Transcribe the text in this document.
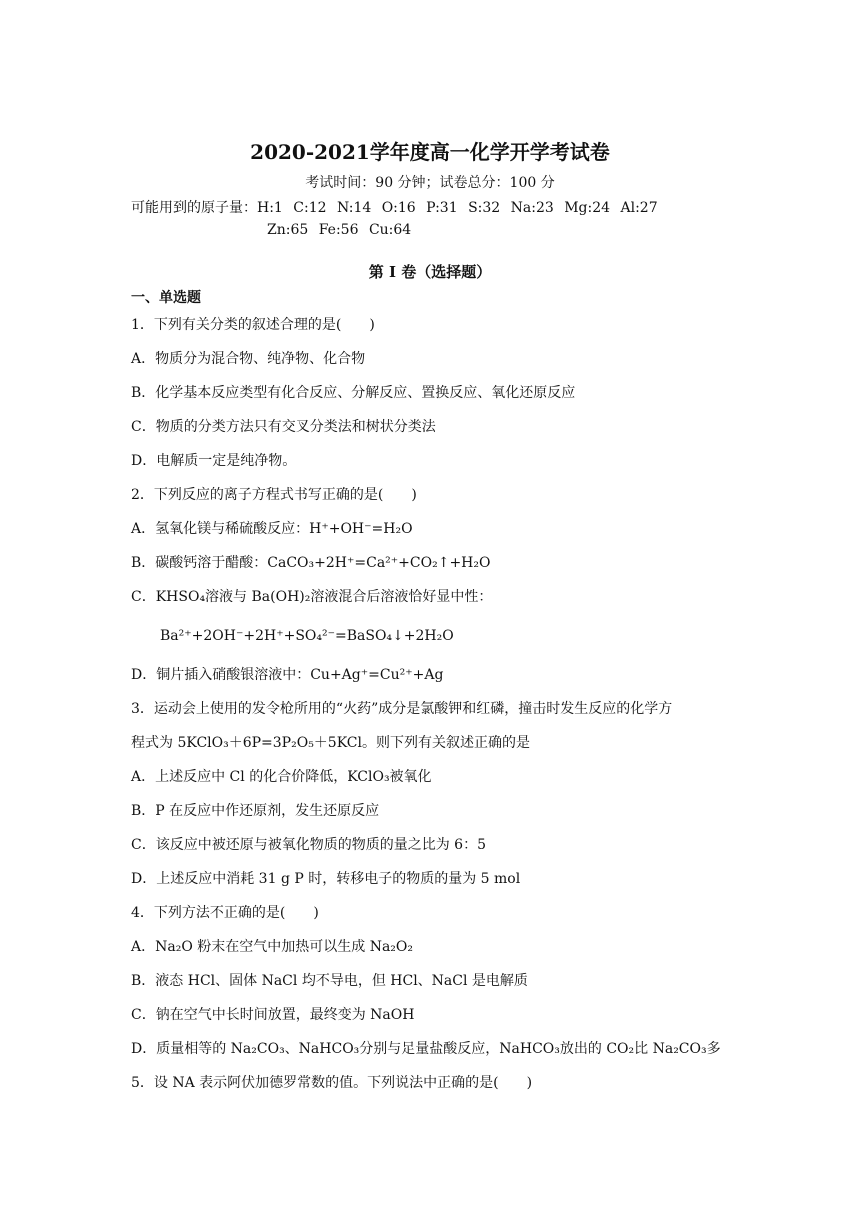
2020-2021学年度高一化学开学考试卷
考试时间：90 分钟；试卷总分：100 分
可能用到的原子量：H:1 C:12 N:14 O:16 P:31 S:32 Na:23 Mg:24 Al:27
Zn:65 Fe:56 Cu:64
第 I 卷（选择题）
一、单选题
1．下列有关分类的叙述合理的是(　　)
A．物质分为混合物、纯净物、化合物
B．化学基本反应类型有化合反应、分解反应、置换反应、氧化还原反应
C．物质的分类方法只有交叉分类法和树状分类法
D．电解质一定是纯净物。
2．下列反应的离子方程式书写正确的是(　　)
A．氢氧化镁与稀硫酸反应：H⁺+OH⁻=H₂O
B．碳酸钙溶于醋酸：CaCO₃+2H⁺=Ca²⁺+CO₂↑+H₂O
C．KHSO₄溶液与 Ba(OH)₂溶液混合后溶液恰好显中性：
Ba²⁺+2OH⁻+2H⁺+SO₄²⁻=BaSO₄↓+2H₂O
D．铜片插入硝酸银溶液中：Cu+Ag⁺=Cu²⁺+Ag
3．运动会上使用的发令枪所用的“火药”成分是氯酸钾和红磷，撞击时发生反应的化学方
程式为 5KClO₃＋6P=3P₂O₅＋5KCl。则下列有关叙述正确的是
A．上述反应中 Cl 的化合价降低，KClO₃被氧化
B．P 在反应中作还原剂，发生还原反应
C．该反应中被还原与被氧化物质的物质的量之比为 6：5
D．上述反应中消耗 31 g P 时，转移电子的物质的量为 5 mol
4．下列方法不正确的是(　　)
A．Na₂O 粉末在空气中加热可以生成 Na₂O₂
B．液态 HCl、固体 NaCl 均不导电，但 HCl、NaCl 是电解质
C．钠在空气中长时间放置，最终变为 NaOH
D．质量相等的 Na₂CO₃、NaHCO₃分别与足量盐酸反应，NaHCO₃放出的 CO₂比 Na₂CO₃多
5．设 NA 表示阿伏加德罗常数的值。下列说法中正确的是(　　)
